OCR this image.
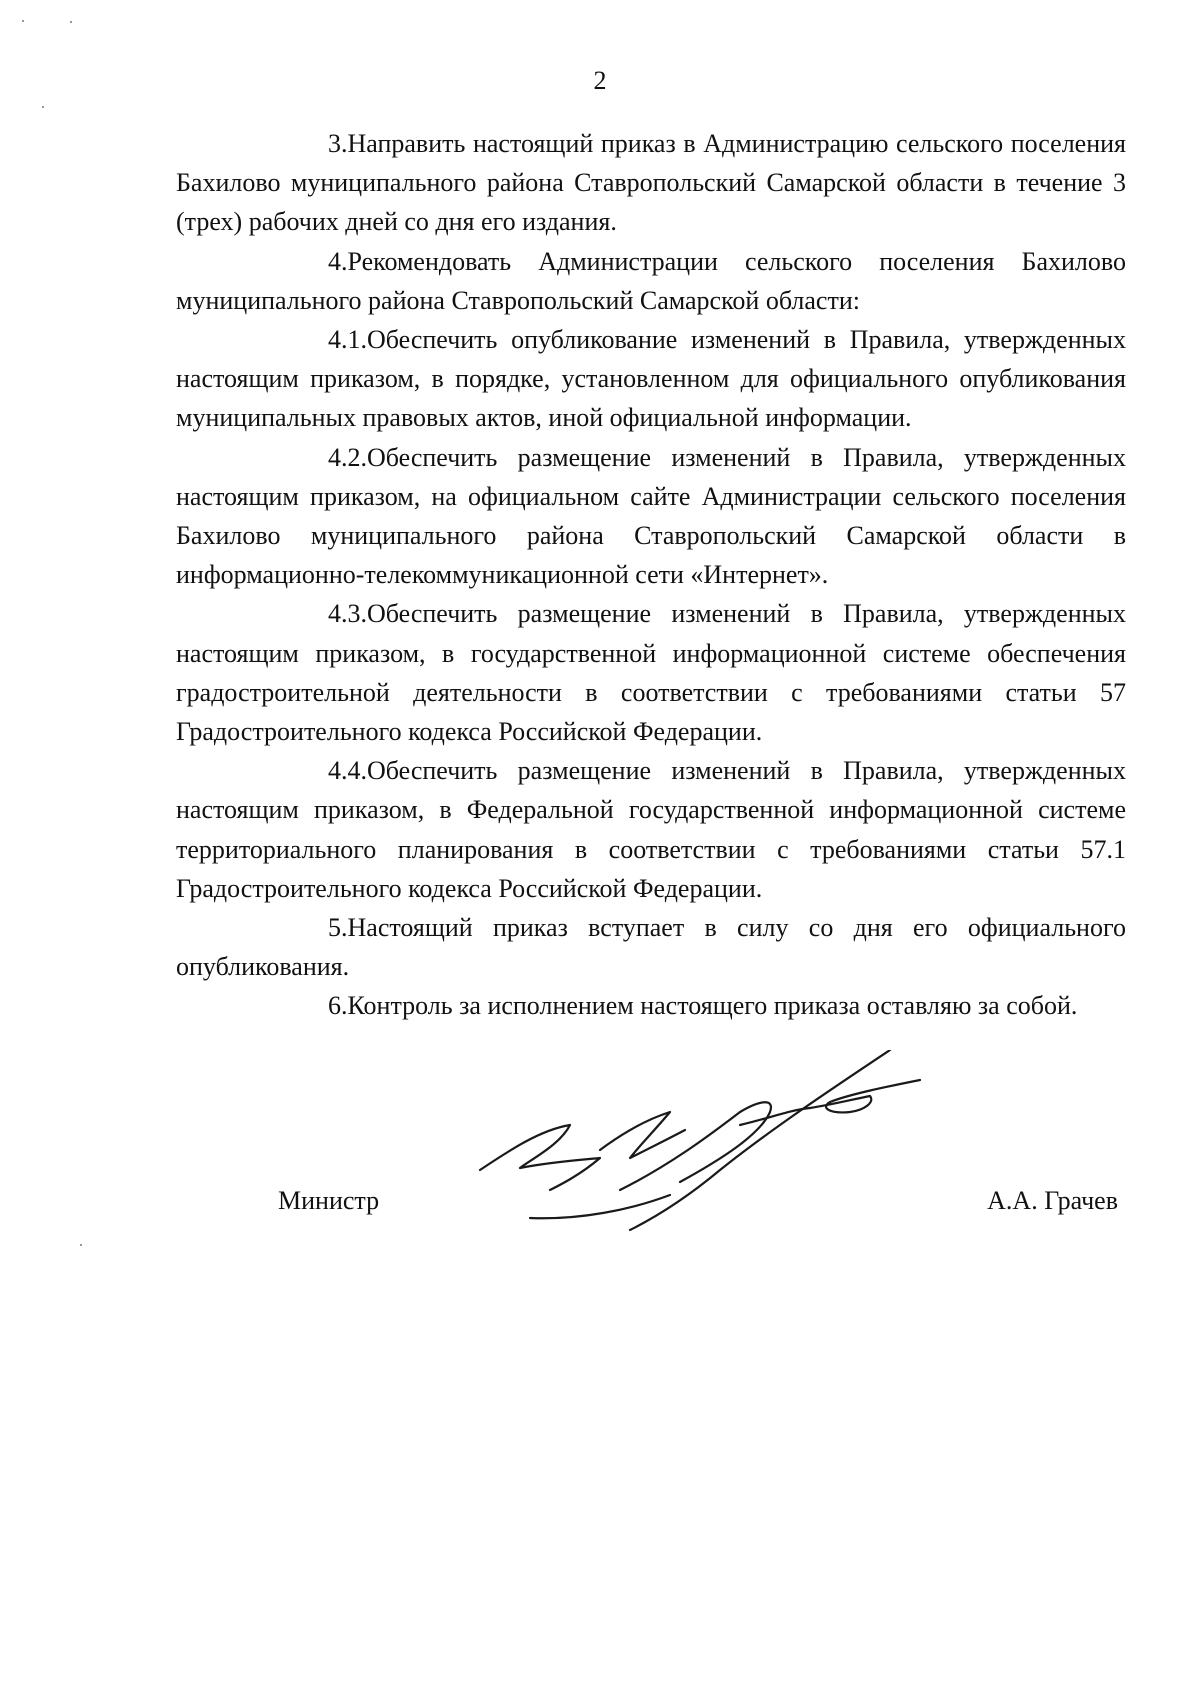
2

3.Направить настоящий приказ в Администрацию сельского поселения Бахилово муниципального района Ставропольский Самарской области в течение 3 (трех) рабочих дней со дня его издания.

4.Рекомендовать Администрации сельского поселения Бахилово муниципального района Ставропольский Самарской области:

4.1.Обеспечить опубликование изменений в Правила, утвержденных настоящим приказом, в порядке, установленном для официального опубликования муниципальных правовых актов, иной официальной информации.

4.2.Обеспечить размещение изменений в Правила, утвержденных настоящим приказом, на официальном сайте Администрации сельского поселения Бахилово муниципального района Ставропольский Самарской области в информационно-телекоммуникационной сети «Интернет».

4.3.Обеспечить размещение изменений в Правила, утвержденных настоящим приказом, в государственной информационной системе обеспечения градостроительной деятельности в соответствии с требованиями статьи 57 Градостроительного кодекса Российской Федерации.

4.4.Обеспечить размещение изменений в Правила, утвержденных настоящим приказом, в Федеральной государственной информационной системе территориального планирования в соответствии с требованиями статьи 57.1 Градостроительного кодекса Российской Федерации.

5.Настоящий приказ вступает в силу со дня его официального опубликования.

6.Контроль за исполнением настоящего приказа оставляю за собой.

Министр	А.А. Грачев
